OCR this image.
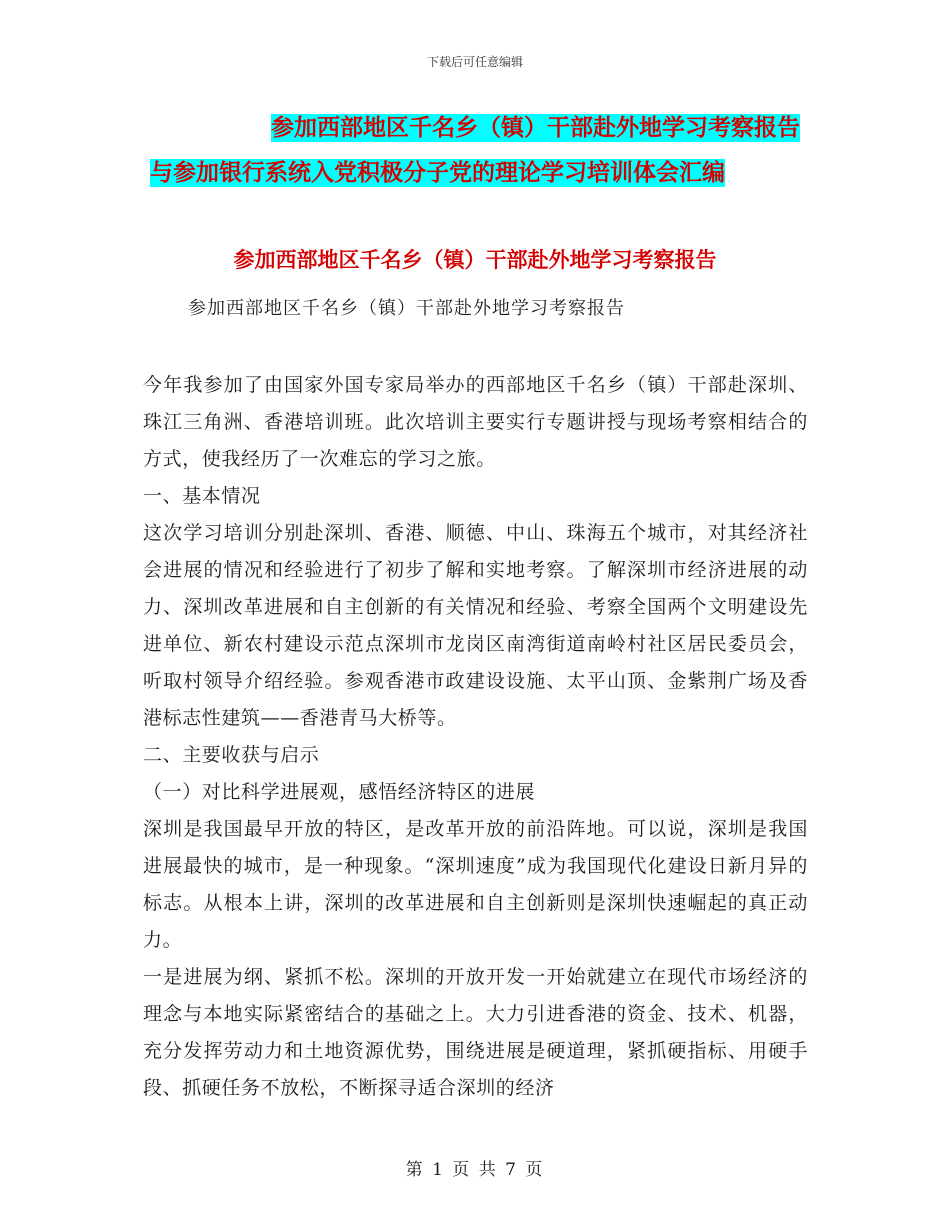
下载后可任意编辑
参加西部地区千名乡（镇）干部赴外地学习考察报告
与参加银行系统入党积极分子党的理论学习培训体会汇编
参加西部地区千名乡（镇）干部赴外地学习考察报告
参加西部地区千名乡（镇）干部赴外地学习考察报告

今年我参加了由国家外国专家局举办的西部地区千名乡（镇）干部赴深圳、珠江三角洲、香港培训班。此次培训主要实行专题讲授与现场考察相结合的方式，使我经历了一次难忘的学习之旅。

一、基本情况

这次学习培训分别赴深圳、香港、顺德、中山、珠海五个城市，对其经济社会进展的情况和经验进行了初步了解和实地考察。了解深圳市经济进展的动力、深圳改革进展和自主创新的有关情况和经验、考察全国两个文明建设先进单位、新农村建设示范点深圳市龙岗区南湾街道南岭村社区居民委员会，听取村领导介绍经验。参观香港市政建设设施、太平山顶、金紫荆广场及香港标志性建筑——香港青马大桥等。

二、主要收获与启示

（一）对比科学进展观，感悟经济特区的进展

深圳是我国最早开放的特区，是改革开放的前沿阵地。可以说，深圳是我国进展最快的城市，是一种现象。“深圳速度”成为我国现代化建设日新月异的标志。从根本上讲，深圳的改革进展和自主创新则是深圳快速崛起的真正动力。

一是进展为纲、紧抓不松。深圳的开放开发一开始就建立在现代市场经济的理念与本地实际紧密结合的基础之上。大力引进香港的资金、技术、机器，充分发挥劳动力和土地资源优势，围绕进展是硬道理，紧抓硬指标、用硬手段、抓硬任务不放松，不断探寻适合深圳的经济

第 1 页 共 7 页
